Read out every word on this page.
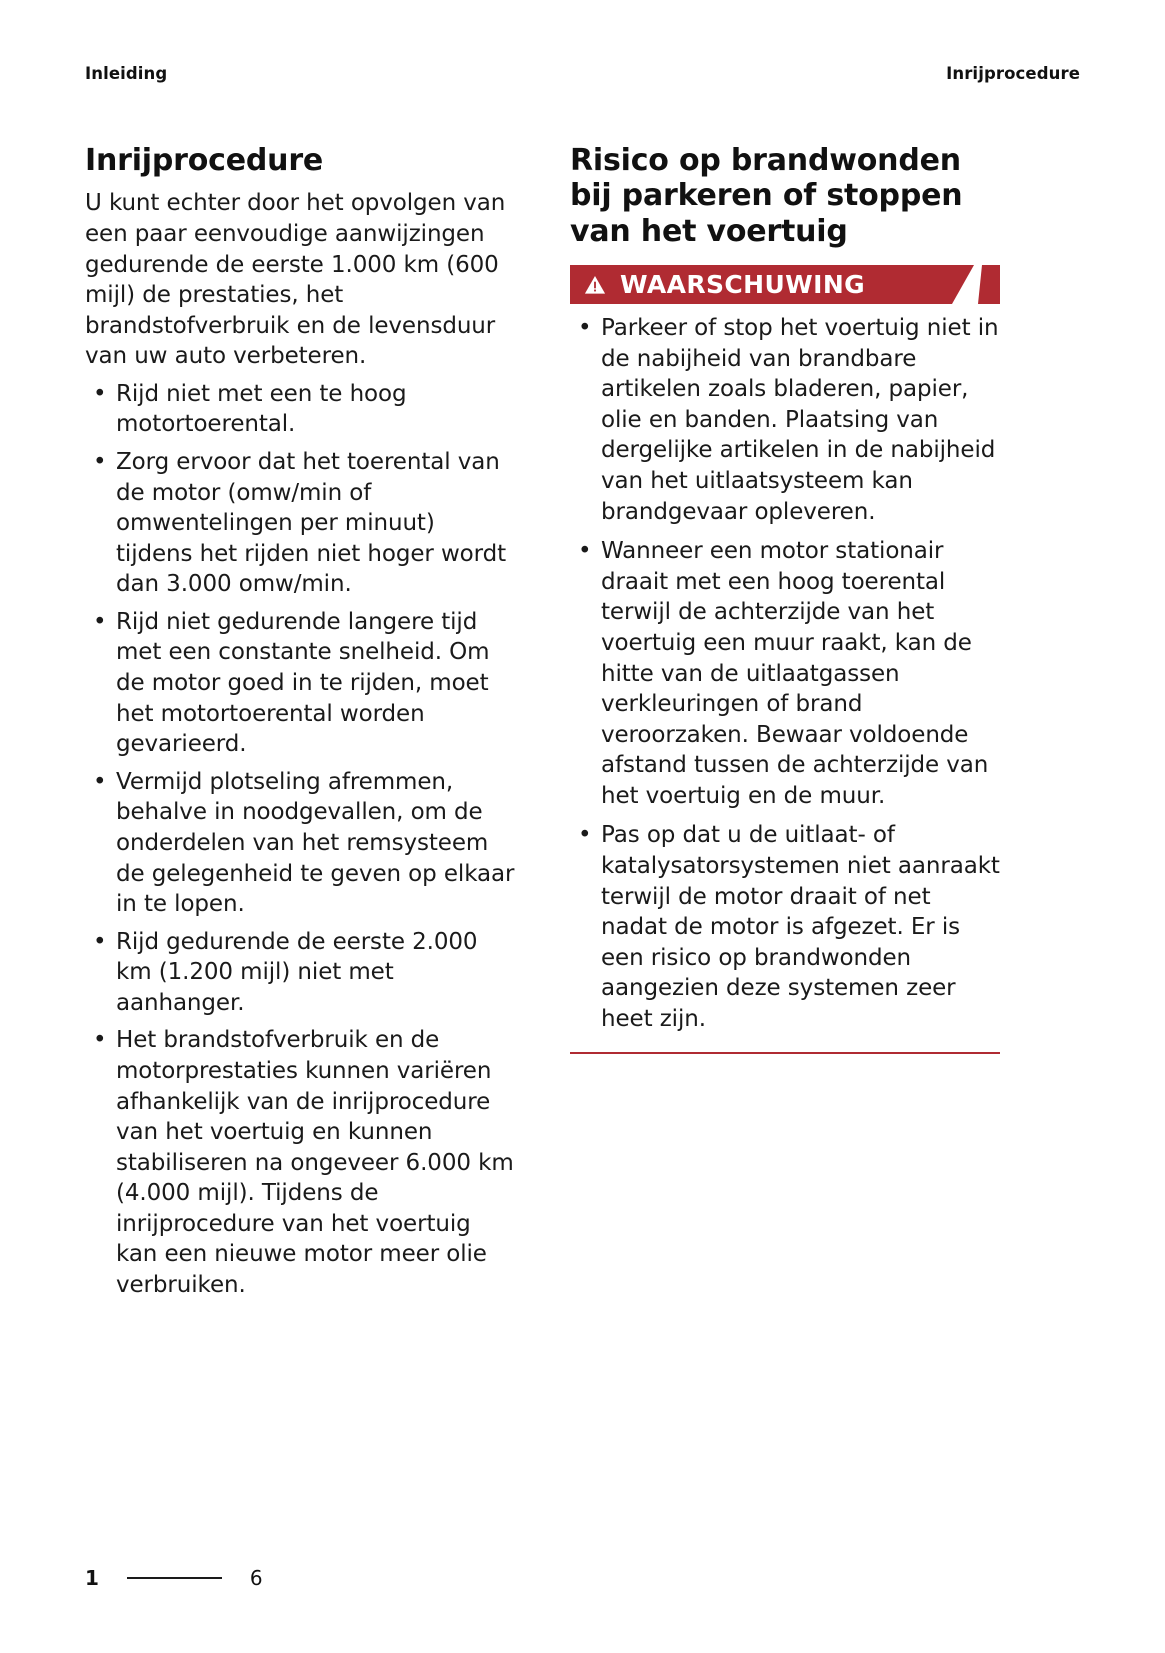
Inleiding	Inrijprocedure
Inrijprocedure

U kunt echter door het opvolgen van een paar eenvoudige aanwijzingen gedurende de eerste 1.000 km (600 mijl) de prestaties, het brandstofverbruik en de levensduur van uw auto verbeteren.

• Rijd niet met een te hoog motortoerental.
• Zorg ervoor dat het toerental van de motor (omw/min of omwentelingen per minuut) tijdens het rijden niet hoger wordt dan 3.000 omw/min.
• Rijd niet gedurende langere tijd met een constante snelheid. Om de motor goed in te rijden, moet het motortoerental worden gevarieerd.
• Vermijd plotseling afremmen, behalve in noodgevallen, om de onderdelen van het remsysteem de gelegenheid te geven op elkaar in te lopen.
• Rijd gedurende de eerste 2.000 km (1.200 mijl) niet met aanhanger.
• Het brandstofverbruik en de motorprestaties kunnen variëren afhankelijk van de inrijprocedure van het voertuig en kunnen stabiliseren na ongeveer 6.000 km (4.000 mijl). Tijdens de inrijprocedure van het voertuig kan een nieuwe motor meer olie verbruiken.
Risico op brandwonden bij parkeren of stoppen van het voertuig
WAARSCHUWING
• Parkeer of stop het voertuig niet in de nabijheid van brandbare artikelen zoals bladeren, papier, olie en banden. Plaatsing van dergelijke artikelen in de nabijheid van het uitlaatsysteem kan brandgevaar opleveren.
• Wanneer een motor stationair draait met een hoog toerental terwijl de achterzijde van het voertuig een muur raakt, kan de hitte van de uitlaatgassen verkleuringen of brand veroorzaken. Bewaar voldoende afstand tussen de achterzijde van het voertuig en de muur.
• Pas op dat u de uitlaat- of katalysatorsystemen niet aanraakt terwijl de motor draait of net nadat de motor is afgezet. Er is een risico op brandwonden aangezien deze systemen zeer heet zijn.
1	6
